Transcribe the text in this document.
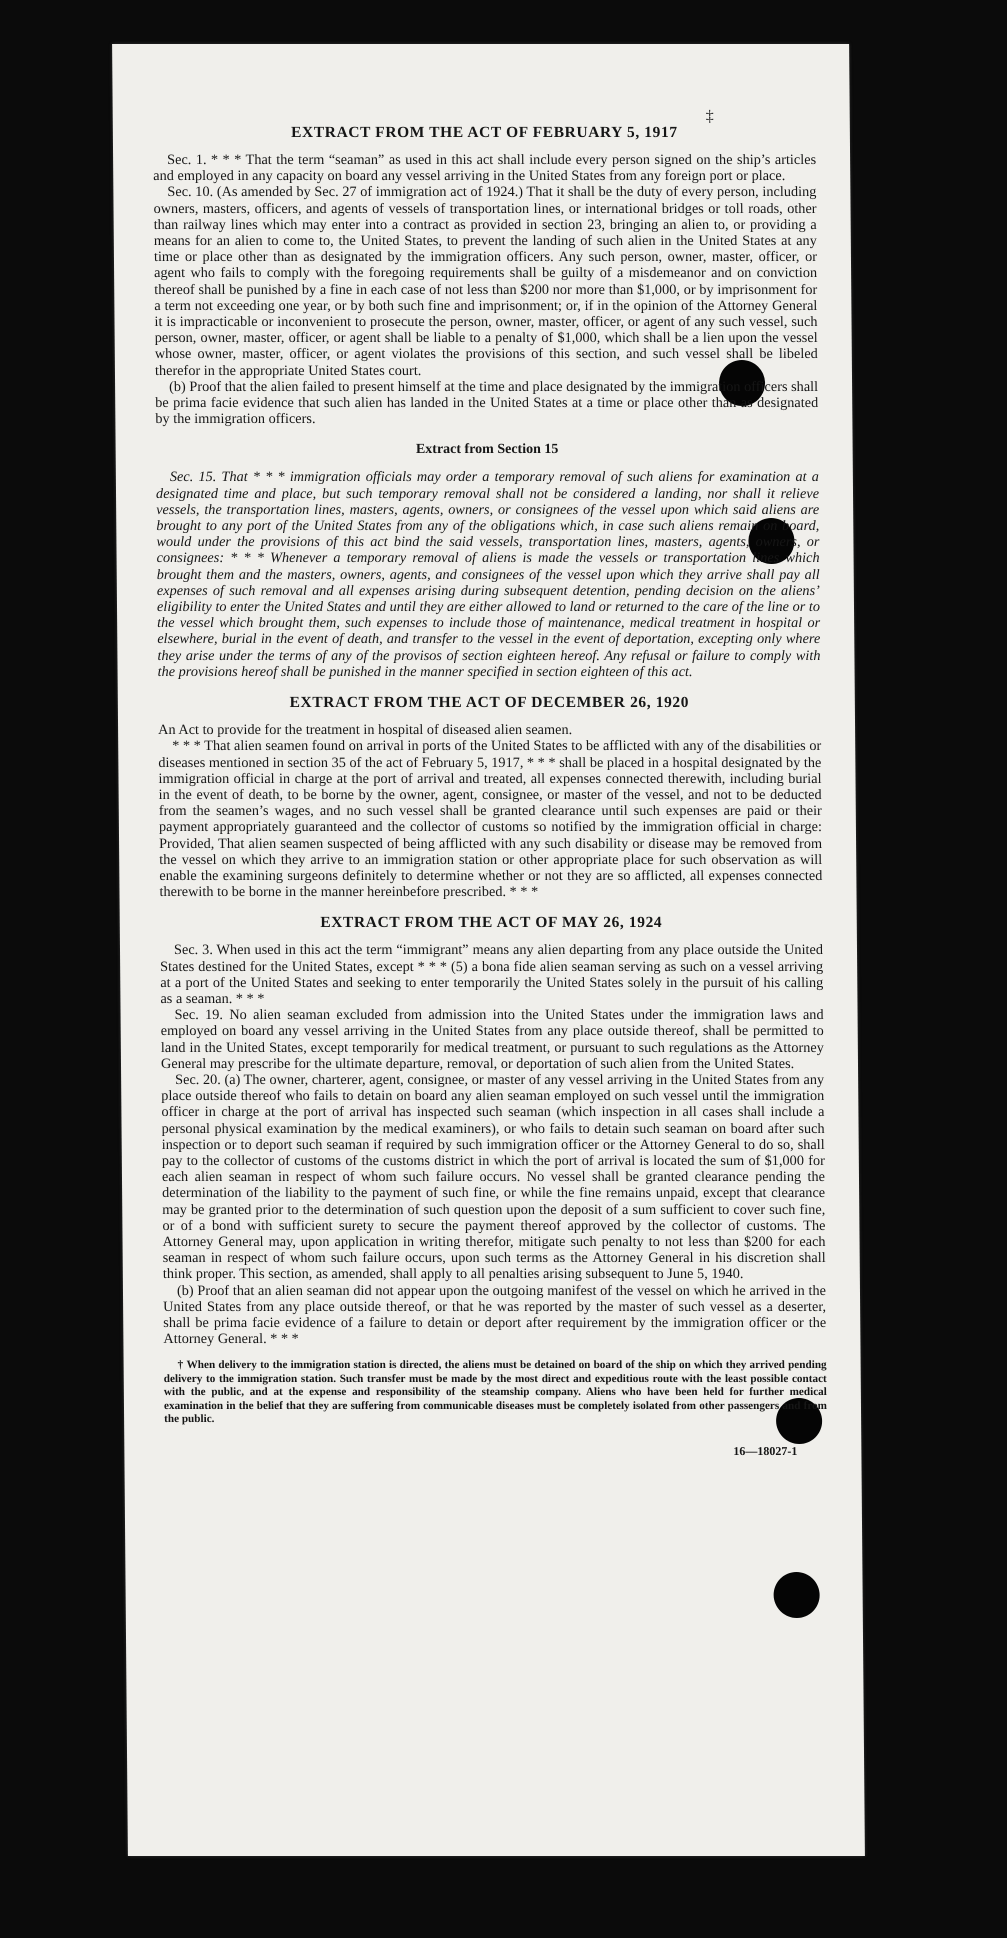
‡
EXTRACT FROM THE ACT OF FEBRUARY 5, 1917

Sec. 1. * * * That the term “seaman” as used in this act shall include every person signed on the ship’s articles and employed in any capacity on board any vessel arriving in the United States from any foreign port or place.

Sec. 10. (As amended by Sec. 27 of immigration act of 1924.) That it shall be the duty of every person, including owners, masters, officers, and agents of vessels of transportation lines, or international bridges or toll roads, other than railway lines which may enter into a contract as provided in section 23, bringing an alien to, or providing a means for an alien to come to, the United States, to prevent the landing of such alien in the United States at any time or place other than as designated by the immigration officers. Any such person, owner, master, officer, or agent who fails to comply with the foregoing requirements shall be guilty of a misdemeanor and on conviction thereof shall be punished by a fine in each case of not less than $200 nor more than $1,000, or by imprisonment for a term not exceeding one year, or by both such fine and imprisonment; or, if in the opinion of the Attorney General it is impracticable or inconvenient to prosecute the person, owner, master, officer, or agent of any such vessel, such person, owner, master, officer, or agent shall be liable to a penalty of $1,000, which shall be a lien upon the vessel whose owner, master, officer, or agent violates the provisions of this section, and such vessel shall be libeled therefor in the appropriate United States court.

(b) Proof that the alien failed to present himself at the time and place designated by the immigration officers shall be prima facie evidence that such alien has landed in the United States at a time or place other than as designated by the immigration officers.

Extract from Section 15

Sec. 15. That * * * immigration officials may order a temporary removal of such aliens for examination at a designated time and place, but such temporary removal shall not be considered a landing, nor shall it relieve vessels, the transportation lines, masters, agents, owners, or consignees of the vessel upon which said aliens are brought to any port of the United States from any of the obligations which, in case such aliens remain on board, would under the provisions of this act bind the said vessels, transportation lines, masters, agents, owners, or consignees: * * * Whenever a temporary removal of aliens is made the vessels or transportation lines which brought them and the masters, owners, agents, and consignees of the vessel upon which they arrive shall pay all expenses of such removal and all expenses arising during subsequent detention, pending decision on the aliens’ eligibility to enter the United States and until they are either allowed to land or returned to the care of the line or to the vessel which brought them, such expenses to include those of maintenance, medical treatment in hospital or elsewhere, burial in the event of death, and transfer to the vessel in the event of deportation, excepting only where they arise under the terms of any of the provisos of section eighteen hereof. Any refusal or failure to comply with the provisions hereof shall be punished in the manner specified in section eighteen of this act.

EXTRACT FROM THE ACT OF DECEMBER 26, 1920

An Act to provide for the treatment in hospital of diseased alien seamen.

* * * That alien seamen found on arrival in ports of the United States to be afflicted with any of the disabilities or diseases mentioned in section 35 of the act of February 5, 1917, * * * shall be placed in a hospital designated by the immigration official in charge at the port of arrival and treated, all expenses connected therewith, including burial in the event of death, to be borne by the owner, agent, consignee, or master of the vessel, and not to be deducted from the seamen’s wages, and no such vessel shall be granted clearance until such expenses are paid or their payment appropriately guaranteed and the collector of customs so notified by the immigration official in charge: Provided, That alien seamen suspected of being afflicted with any such disability or disease may be removed from the vessel on which they arrive to an immigration station or other appropriate place for such observation as will enable the examining surgeons definitely to determine whether or not they are so afflicted, all expenses connected therewith to be borne in the manner hereinbefore prescribed. * * *

EXTRACT FROM THE ACT OF MAY 26, 1924

Sec. 3. When used in this act the term “immigrant” means any alien departing from any place outside the United States destined for the United States, except * * * (5) a bona fide alien seaman serving as such on a vessel arriving at a port of the United States and seeking to enter temporarily the United States solely in the pursuit of his calling as a seaman. * * *

Sec. 19. No alien seaman excluded from admission into the United States under the immigration laws and employed on board any vessel arriving in the United States from any place outside thereof, shall be permitted to land in the United States, except temporarily for medical treatment, or pursuant to such regulations as the Attorney General may prescribe for the ultimate departure, removal, or deportation of such alien from the United States.

Sec. 20. (a) The owner, charterer, agent, consignee, or master of any vessel arriving in the United States from any place outside thereof who fails to detain on board any alien seaman employed on such vessel until the immigration officer in charge at the port of arrival has inspected such seaman (which inspection in all cases shall include a personal physical examination by the medical examiners), or who fails to detain such seaman on board after such inspection or to deport such seaman if required by such immigration officer or the Attorney General to do so, shall pay to the collector of customs of the customs district in which the port of arrival is located the sum of $1,000 for each alien seaman in respect of whom such failure occurs. No vessel shall be granted clearance pending the determination of the liability to the payment of such fine, or while the fine remains unpaid, except that clearance may be granted prior to the determination of such question upon the deposit of a sum sufficient to cover such fine, or of a bond with sufficient surety to secure the payment thereof approved by the collector of customs. The Attorney General may, upon application in writing therefor, mitigate such penalty to not less than $200 for each seaman in respect of whom such failure occurs, upon such terms as the Attorney General in his discretion shall think proper. This section, as amended, shall apply to all penalties arising subsequent to June 5, 1940.

(b) Proof that an alien seaman did not appear upon the outgoing manifest of the vessel on which he arrived in the United States from any place outside thereof, or that he was reported by the master of such vessel as a deserter, shall be prima facie evidence of a failure to detain or deport after requirement by the immigration officer or the Attorney General. * * *

† When delivery to the immigration station is directed, the aliens must be detained on board of the ship on which they arrived pending delivery to the immigration station. Such transfer must be made by the most direct and expeditious route with the least possible contact with the public, and at the expense and responsibility of the steamship company. Aliens who have been held for further medical examination in the belief that they are suffering from communicable diseases must be completely isolated from other passengers and from the public.

16—18027-1
